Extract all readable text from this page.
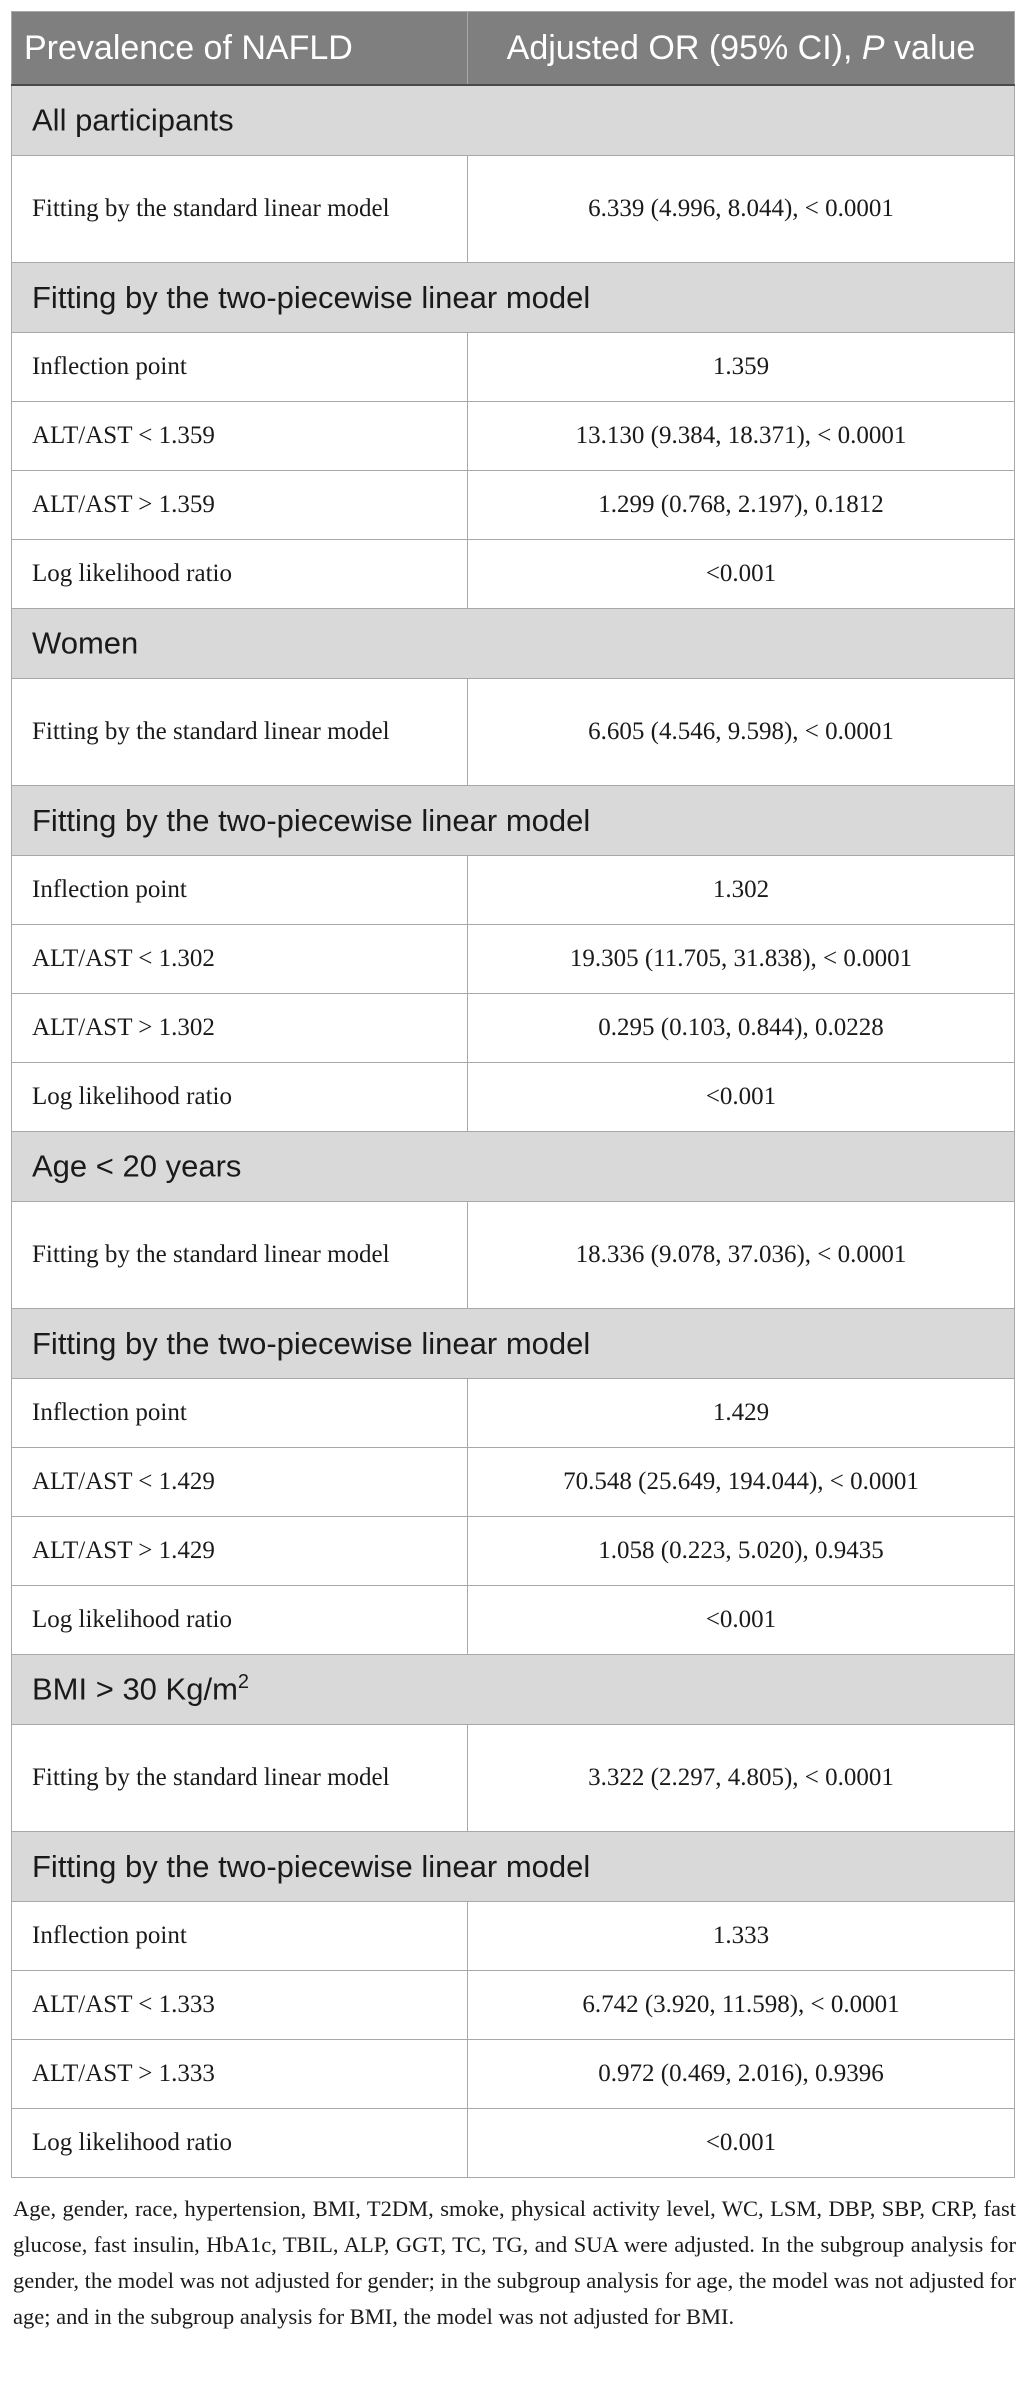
Prevalence of NAFLD	Adjusted OR (95% CI), P value
All participants	
Fitting by the standard linear model	6.339 (4.996, 8.044), < 0.0001
Fitting by the two-piecewise linear model	
Inflection point	1.359
ALT/AST < 1.359	13.130 (9.384, 18.371), < 0.0001
ALT/AST > 1.359	1.299 (0.768, 2.197), 0.1812
Log likelihood ratio	<0.001
Women	
Fitting by the standard linear model	6.605 (4.546, 9.598), < 0.0001
Fitting by the two-piecewise linear model	
Inflection point	1.302
ALT/AST < 1.302	19.305 (11.705, 31.838), < 0.0001
ALT/AST > 1.302	0.295 (0.103, 0.844), 0.0228
Log likelihood ratio	<0.001
Age < 20 years	
Fitting by the standard linear model	18.336 (9.078, 37.036), < 0.0001
Fitting by the two-piecewise linear model	
Inflection point	1.429
ALT/AST < 1.429	70.548 (25.649, 194.044), < 0.0001
ALT/AST > 1.429	1.058 (0.223, 5.020), 0.9435
Log likelihood ratio	<0.001
BMI > 30 $Kg/m^2$
Fitting by the standard linear model	3.322 (2.297, 4.805), < 0.0001
Fitting by the two-piecewise linear model	
Inflection point	1.333
ALT/AST < 1.333	6.742 (3.920, 11.598), < 0.0001
ALT/AST > 1.333	0.972 (0.469, 2.016), 0.9396
Log likelihood ratio	<0.001

Age, gender, race, hypertension, BMI, T2DM, smoke, physical activity level, WC, LSM, DBP, SBP, CRP, fast glucose, fast insulin, HbA1c, TBIL, ALP, GGT, TC, TG, and SUA were adjusted. In the subgroup analysis for gender, the model was not adjusted for gender; in the subgroup analysis for age, the model was not adjusted for age; and in the subgroup analysis for BMI, the model was not adjusted for BMI.
